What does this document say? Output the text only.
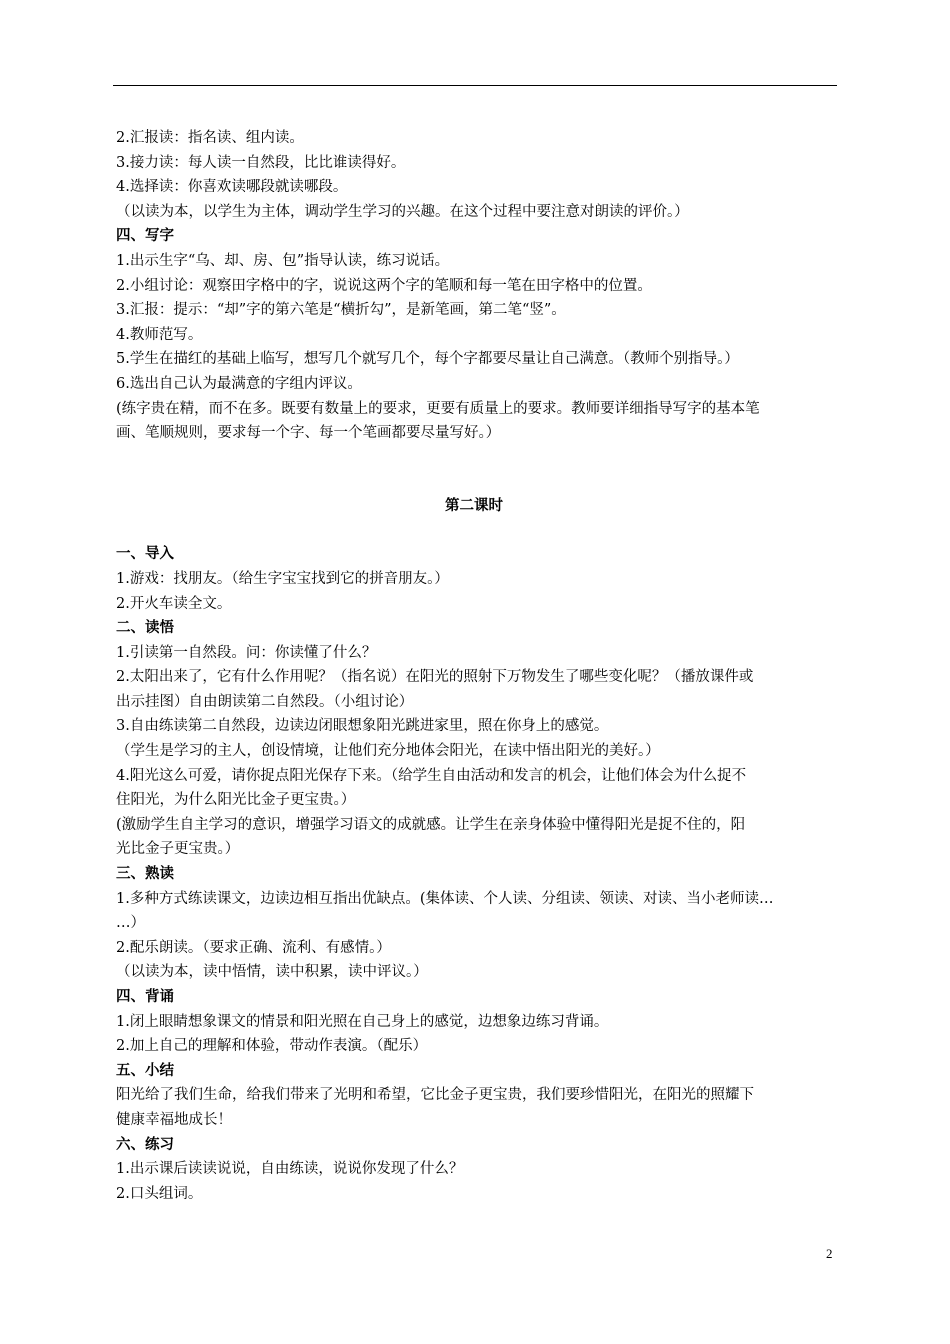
2.汇报读：指名读、组内读。
3.接力读：每人读一自然段，比比谁读得好。
4.选择读：你喜欢读哪段就读哪段。
（以读为本，以学生为主体，调动学生学习的兴趣。在这个过程中要注意对朗读的评价。）
四、写字
1.出示生字“乌、却、房、包”指导认读，练习说话。
2.小组讨论：观察田字格中的字，说说这两个字的笔顺和每一笔在田字格中的位置。
3.汇报：提示：“却”字的第六笔是“横折勾”，是新笔画，第二笔“竖”。
4.教师范写。
5.学生在描红的基础上临写，想写几个就写几个，每个字都要尽量让自己满意。（教师个别指导。）
6.选出自己认为最满意的字组内评议。
(练字贵在精，而不在多。既要有数量上的要求，更要有质量上的要求。教师要详细指导写字的基本笔
画、笔顺规则，要求每一个字、每一个笔画都要尽量写好。）
第二课时
一、导入
1.游戏：找朋友。（给生字宝宝找到它的拼音朋友。）
2.开火车读全文。
二、读悟
1.引读第一自然段。问：你读懂了什么？
2.太阳出来了，它有什么作用呢？（指名说）在阳光的照射下万物发生了哪些变化呢？（播放课件或
出示挂图）自由朗读第二自然段。（小组讨论）
3.自由练读第二自然段，边读边闭眼想象阳光跳进家里，照在你身上的感觉。
（学生是学习的主人，创设情境，让他们充分地体会阳光，在读中悟出阳光的美好。）
4.阳光这么可爱，请你捉点阳光保存下来。（给学生自由活动和发言的机会，让他们体会为什么捉不
住阳光，为什么阳光比金子更宝贵。）
(激励学生自主学习的意识，增强学习语文的成就感。让学生在亲身体验中懂得阳光是捉不住的，阳
光比金子更宝贵。）
三、熟读
1.多种方式练读课文，边读边相互指出优缺点。(集体读、个人读、分组读、领读、对读、当小老师读…
…）
2.配乐朗读。（要求正确、流利、有感情。）
（以读为本，读中悟情，读中积累，读中评议。）
四、背诵
1.闭上眼睛想象课文的情景和阳光照在自己身上的感觉，边想象边练习背诵。
2.加上自己的理解和体验，带动作表演。（配乐）
五、小结
阳光给了我们生命，给我们带来了光明和希望，它比金子更宝贵，我们要珍惜阳光，在阳光的照耀下
健康幸福地成长！
六、练习
1.出示课后读读说说，自由练读，说说你发现了什么？
2.口头组词。
2
